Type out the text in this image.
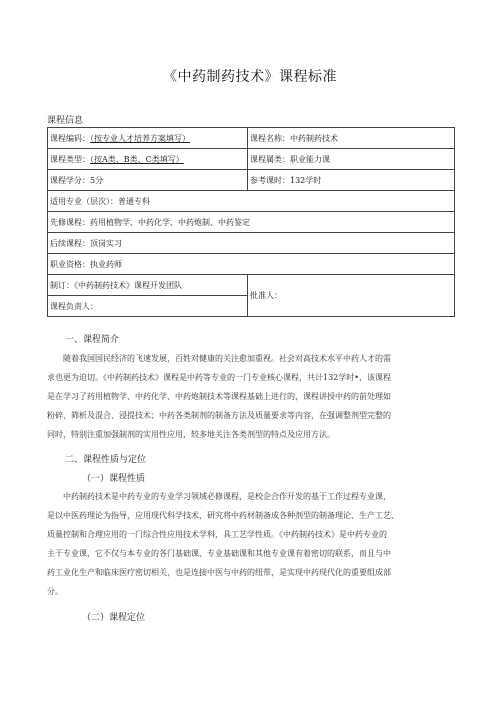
《中药制药技术》课程标准
课程信息
课程编码：（按专业人才培养方案填写）	课程名称：中药制药技术
课程类型：（按A类、B类、C类填写）	课程属类：职业能力课
课程学分：5分	参考课时：132学时
适用专业（层次）：普通专科	
先修课程：药用植物学、中药化学、中药炮制、中药鉴定	
后续课程：顶岗实习	
职业资格：执业药师	
制订：《中药制药技术》课程开发团队	批准人：
课程负责人：	
一、课程简介
随着我国国民经济的飞速发展，百姓对健康的关注愈加重视。社会对高技术水平中药人才的需
求也更为迫切。《中药制药技术》课程是中药等专业的一门专业核心课程，共计132学时•，该课程
是在学习了药用植物学、中药化学、中药炮制技术等课程基础上进行的，课程讲授中药的前处理如
粉碎、筛析及混合、浸提技术；中药各类制剂的制备方法及质量要求等内容，在强调整剂型完整的
同时，特别注重加强制剂的实用性应用，较多地关注各类剂型的特点及应用方法。
二、课程性质与定位
（一）课程性质
中药制药技术是中药专业的专业学习领域必修课程，是校企合作开发的基于工作过程专业课，
是以中医药理论为指导，应用现代科学技术，研究将中药材制备成各种剂型的制备理论、生产工艺、
质量控制和合理应用的一门综合性应用技术学科，具工艺学性质。《中药制药技术》是中药专业的
主干专业课，它不仅与本专业的各门基础课、专业基础课和其他专业课有着密切的联系，而且与中
药工业化生产和临床医疗密切相关，也是连接中医与中药的纽带，是实现中药现代化的重要组成部
分。
（二）课程定位
